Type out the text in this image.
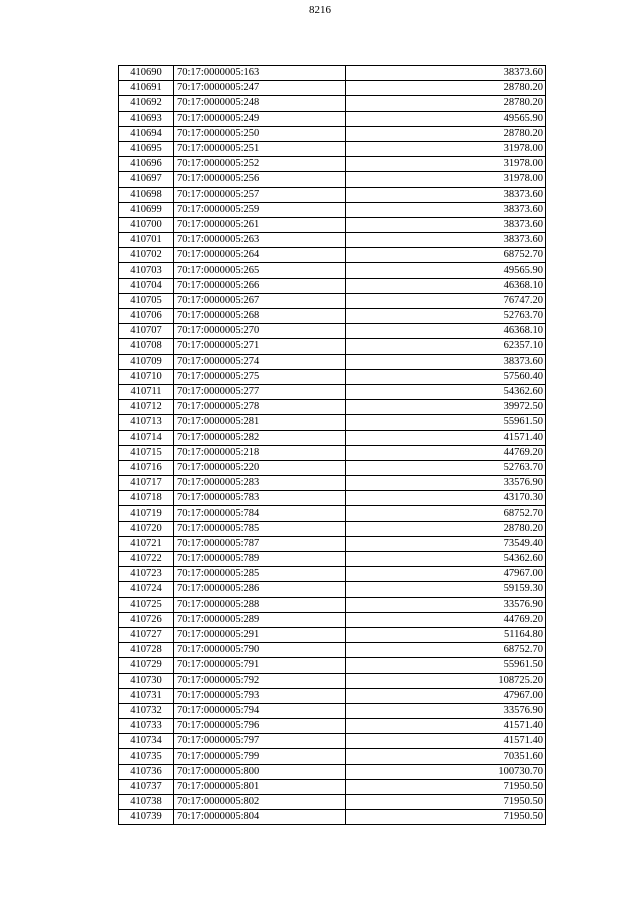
8216
410690	70:17:0000005:163	38373.60
410691	70:17:0000005:247	28780.20
410692	70:17:0000005:248	28780.20
410693	70:17:0000005:249	49565.90
410694	70:17:0000005:250	28780.20
410695	70:17:0000005:251	31978.00
410696	70:17:0000005:252	31978.00
410697	70:17:0000005:256	31978.00
410698	70:17:0000005:257	38373.60
410699	70:17:0000005:259	38373.60
410700	70:17:0000005:261	38373.60
410701	70:17:0000005:263	38373.60
410702	70:17:0000005:264	68752.70
410703	70:17:0000005:265	49565.90
410704	70:17:0000005:266	46368.10
410705	70:17:0000005:267	76747.20
410706	70:17:0000005:268	52763.70
410707	70:17:0000005:270	46368.10
410708	70:17:0000005:271	62357.10
410709	70:17:0000005:274	38373.60
410710	70:17:0000005:275	57560.40
410711	70:17:0000005:277	54362.60
410712	70:17:0000005:278	39972.50
410713	70:17:0000005:281	55961.50
410714	70:17:0000005:282	41571.40
410715	70:17:0000005:218	44769.20
410716	70:17:0000005:220	52763.70
410717	70:17:0000005:283	33576.90
410718	70:17:0000005:783	43170.30
410719	70:17:0000005:784	68752.70
410720	70:17:0000005:785	28780.20
410721	70:17:0000005:787	73549.40
410722	70:17:0000005:789	54362.60
410723	70:17:0000005:285	47967.00
410724	70:17:0000005:286	59159.30
410725	70:17:0000005:288	33576.90
410726	70:17:0000005:289	44769.20
410727	70:17:0000005:291	51164.80
410728	70:17:0000005:790	68752.70
410729	70:17:0000005:791	55961.50
410730	70:17:0000005:792	108725.20
410731	70:17:0000005:793	47967.00
410732	70:17:0000005:794	33576.90
410733	70:17:0000005:796	41571.40
410734	70:17:0000005:797	41571.40
410735	70:17:0000005:799	70351.60
410736	70:17:0000005:800	100730.70
410737	70:17:0000005:801	71950.50
410738	70:17:0000005:802	71950.50
410739	70:17:0000005:804	71950.50
